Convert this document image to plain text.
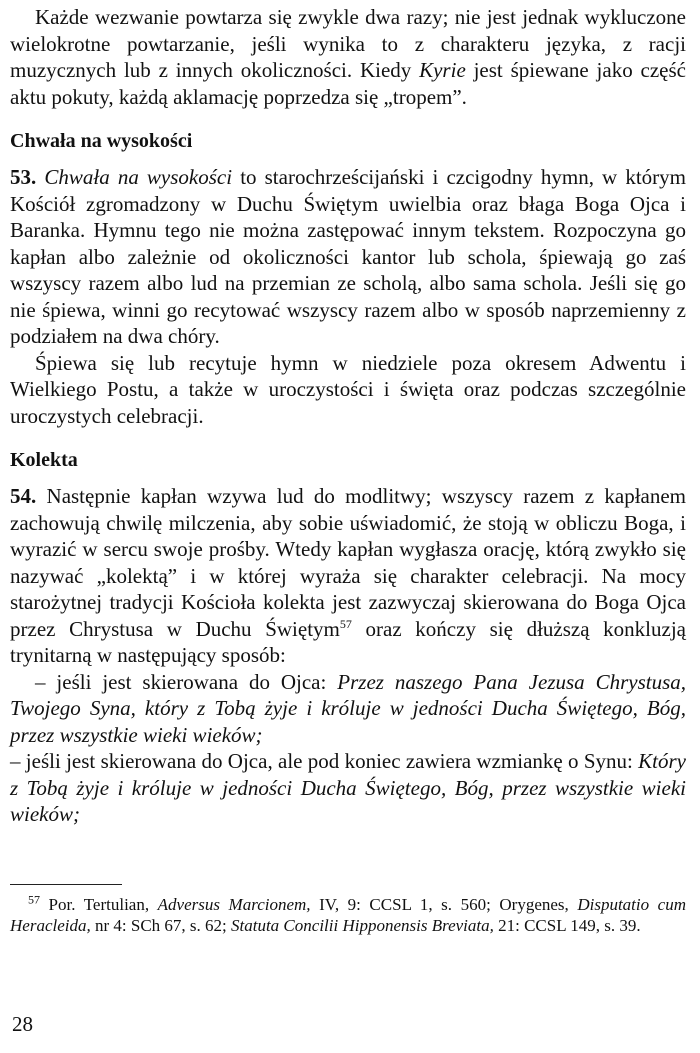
Każde wezwanie powtarza się zwykle dwa razy; nie jest jednak wykluczone wielokrotne powtarzanie, jeśli wynika to z charakteru języka, z racji muzycznych lub z innych okoliczności. Kiedy Kyrie jest śpiewane jako część aktu pokuty, każdą aklamację poprzedza się „tropem”.

Chwała na wysokości

53. Chwała na wysokości to starochrześcijański i czcigodny hymn, w którym Kościół zgromadzony w Duchu Świętym uwielbia oraz błaga Boga Ojca i Baranka. Hymnu tego nie można zastępować innym tekstem. Rozpoczyna go kapłan albo zależnie od okoliczności kantor lub schola, śpiewają go zaś wszyscy razem albo lud na przemian ze scholą, albo sama schola. Jeśli się go nie śpiewa, winni go recytować wszyscy razem albo w sposób naprzemienny z podziałem na dwa chóry.

Śpiewa się lub recytuje hymn w niedziele poza okresem Adwentu i Wielkiego Postu, a także w uroczystości i święta oraz podczas szczególnie uroczystych celebracji.

Kolekta

54. Następnie kapłan wzywa lud do modlitwy; wszyscy razem z kapłanem zachowują chwilę milczenia, aby sobie uświadomić, że stoją w obliczu Boga, i wyrazić w sercu swoje prośby. Wtedy kapłan wygłasza orację, którą zwykło się nazywać „kolektą” i w której wyraża się charakter celebracji. Na mocy starożytnej tradycji Kościoła kolekta jest zazwyczaj skierowana do Boga Ojca przez Chrystusa w Duchu Świętym$^{57}$ oraz kończy się dłuższą konkluzją trynitarną w następujący sposób:

– jeśli jest skierowana do Ojca: Przez naszego Pana Jezusa Chrystusa, Twojego Syna, który z Tobą żyje i króluje w jedności Ducha Świętego, Bóg, przez wszystkie wieki wieków;

– jeśli jest skierowana do Ojca, ale pod koniec zawiera wzmiankę o Synu: Który z Tobą żyje i króluje w jedności Ducha Świętego, Bóg, przez wszystkie wieki wieków;

$^{57}$ Por. Tertulian, Adversus Marcionem, IV, 9: CCSL 1, s. 560; Orygenes, Disputatio cum Heracleida, nr 4: SCh 67, s. 62; Statuta Concilii Hipponensis Breviata, 21: CCSL 149, s. 39.

28
